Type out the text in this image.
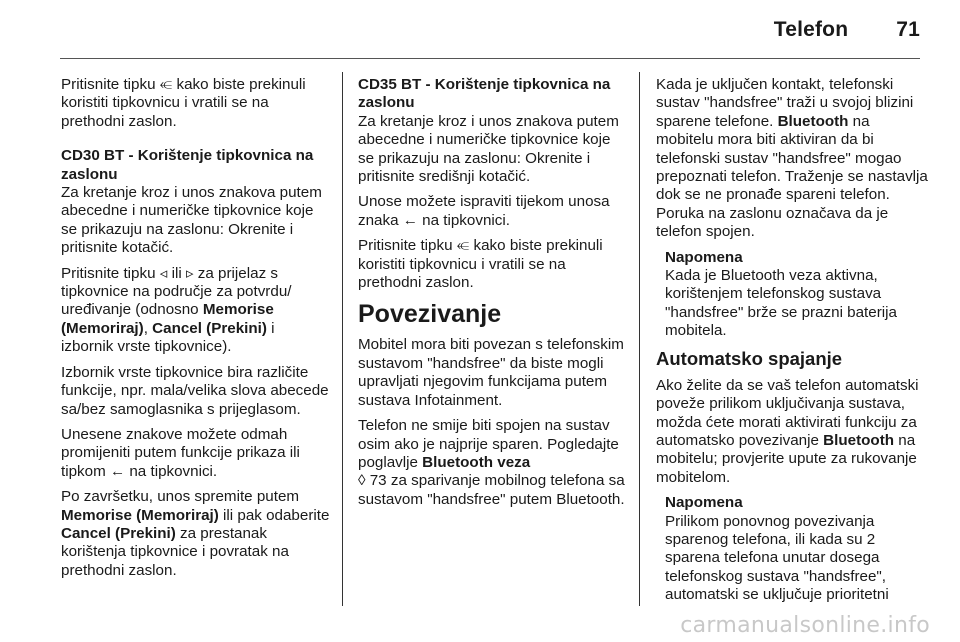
Telefon 71

Pritisnite tipku ⥺ kako biste prekinuli koristiti tipkovnicu i vratili se na prethodni zaslon.

CD30 BT - Korištenje tipkovnica na zaslonu

Za kretanje kroz i unos znakova putem abecedne i numeričke tipkovnice koje se prikazuju na zaslonu: Okrenite i pritisnite kotačić.

Pritisnite tipku ◃ ili ▹ za prijelaz s tipkovnice na područje za potvrdu/ uređivanje (odnosno Memorise (Memoriraj), Cancel (Prekini) i izbornik vrste tipkovnice).

Izbornik vrste tipkovnice bira različite funkcije, npr. mala/velika slova abecede sa/bez samoglasnika s prijeglasom.

Unesene znakove možete odmah promijeniti putem funkcije prikaza ili tipkom ← na tipkovnici.

Po završetku, unos spremite putem Memorise (Memoriraj) ili pak odaberite Cancel (Prekini) za prestanak korištenja tipkovnice i povratak na prethodni zaslon.

CD35 BT - Korištenje tipkovnica na zaslonu

Za kretanje kroz i unos znakova putem abecedne i numeričke tipkovnice koje se prikazuju na zaslonu: Okrenite i pritisnite središnji kotačić.

Unose možete ispraviti tijekom unosa znaka ← na tipkovnici.

Pritisnite tipku ⥺ kako biste prekinuli koristiti tipkovnicu i vratili se na prethodni zaslon.

Povezivanje

Mobitel mora biti povezan s telefonskim sustavom "handsfree" da biste mogli upravljati njegovim funkcijama putem sustava Infotainment.

Telefon ne smije biti spojen na sustav osim ako je najprije sparen. Pogledajte poglavlje Bluetooth veza
◊ 73 za sparivanje mobilnog telefona sa sustavom "handsfree" putem Bluetooth.

Kada je uključen kontakt, telefonski sustav "handsfree" traži u svojoj blizini sparene telefone. Bluetooth na mobitelu mora biti aktiviran da bi telefonski sustav "handsfree" mogao prepoznati telefon. Traženje se nastavlja dok se ne pronađe spareni telefon. Poruka na zaslonu označava da je telefon spojen.

Napomena
Kada je Bluetooth veza aktivna, korištenjem telefonskog sustava "handsfree" brže se prazni baterija mobitela.

Automatsko spajanje

Ako želite da se vaš telefon automatski poveže prilikom uključivanja sustava, možda ćete morati aktivirati funkciju za automatsko povezivanje Bluetooth na mobitelu; provjerite upute za rukovanje mobitelom.

Napomena
Prilikom ponovnog povezivanja sparenog telefona, ili kada su 2 sparena telefona unutar dosega telefonskog sustava "handsfree", automatski se uključuje prioritetni
carmanualsonline.info
